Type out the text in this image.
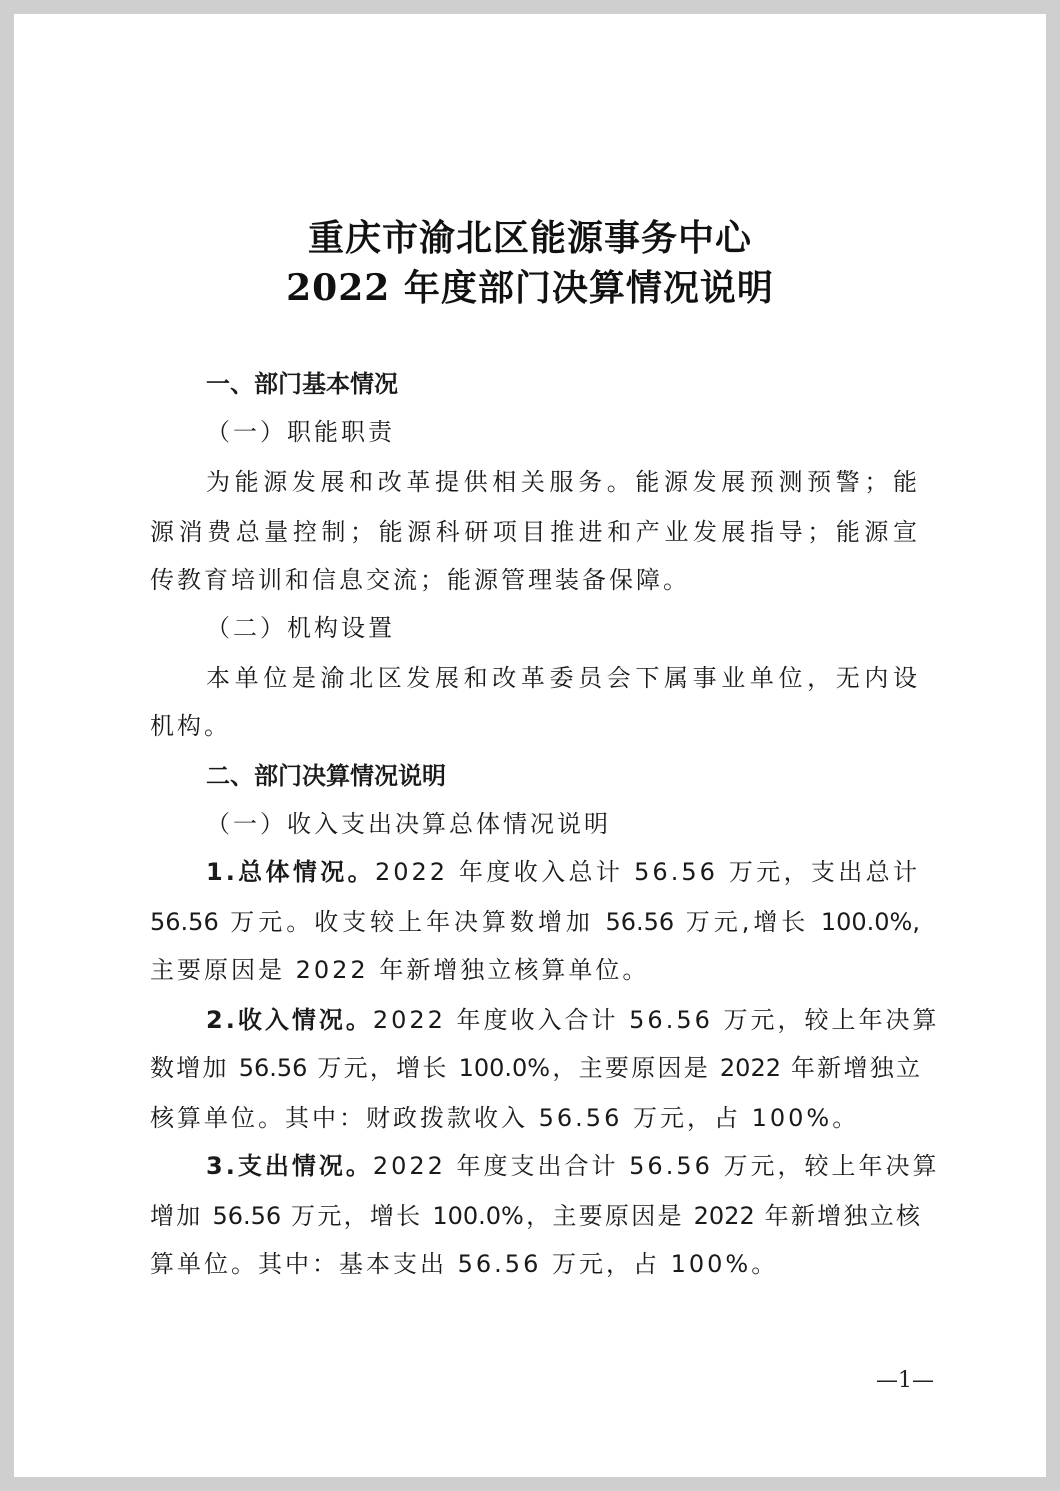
重庆市渝北区能源事务中心
2022 年度部门决算情况说明
一、部门基本情况
（一）职能职责
为能源发展和改革提供相关服务。能源发展预测预警；能
源消费总量控制；能源科研项目推进和产业发展指导；能源宣
传教育培训和信息交流；能源管理装备保障。
（二）机构设置
本单位是渝北区发展和改革委员会下属事业单位，无内设
机构。
二、部门决算情况说明
（一）收入支出决算总体情况说明
1.总体情况。2022 年度收入总计 56.56 万元，支出总计
56.56 万元。收支较上年决算数增加 56.56 万元,增长 100.0%,
主要原因是 2022 年新增独立核算单位。
2.收入情况。2022 年度收入合计 56.56 万元，较上年决算
数增加 56.56 万元，增长 100.0%，主要原因是 2022 年新增独立
核算单位。其中：财政拨款收入 56.56 万元，占 100%。
3.支出情况。2022 年度支出合计 56.56 万元，较上年决算
增加 56.56 万元，增长 100.0%，主要原因是 2022 年新增独立核
算单位。其中：基本支出 56.56 万元，占 100%。
—1—
